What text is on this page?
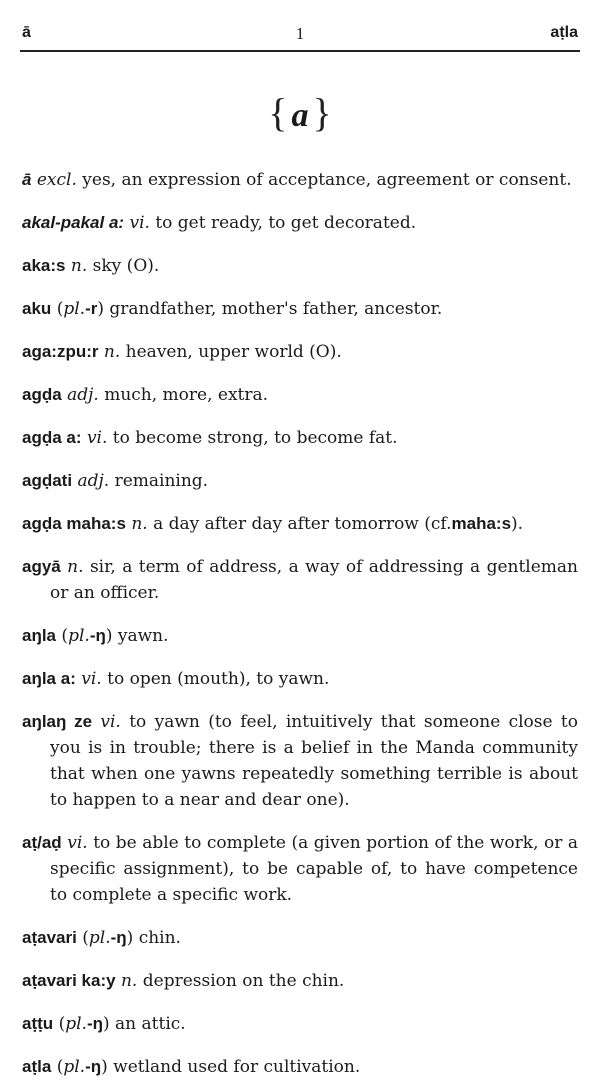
ā	1	aṭla
{ a }

ā excl. yes, an expression of acceptance, agreement or consent.

akal-pakal a: vi. to get ready, to get decorated.

aka:s n. sky (O).

aku (pl.-r) grandfather, mother's father, ancestor.

aga:zpu:r n. heaven, upper world (O).

agḍa adj. much, more, extra.

agḍa a: vi. to become strong, to become fat.

agḍati adj. remaining.

agḍa maha:s n. a day after day after tomorrow (cf.maha:s).

agyā n. sir, a term of address, a way of addressing a gentleman or an officer.

aŋla (pl.-ŋ) yawn.

aŋla a: vi. to open (mouth), to yawn.

aŋlaŋ ze vi. to yawn (to feel, intuitively that someone close to you is in trouble; there is a belief in the Manda community that when one yawns repeatedly something terrible is about to happen to a near and dear one).

aṭ/aḍ vi. to be able to complete (a given portion of the work, or a specific assignment), to be capable of, to have competence to complete a specific work.

aṭavari (pl.-ŋ) chin.

aṭavari ka:y n. depression on the chin.

aṭṭu (pl.-ŋ) an attic.

aṭla (pl.-ŋ) wetland used for cultivation.
